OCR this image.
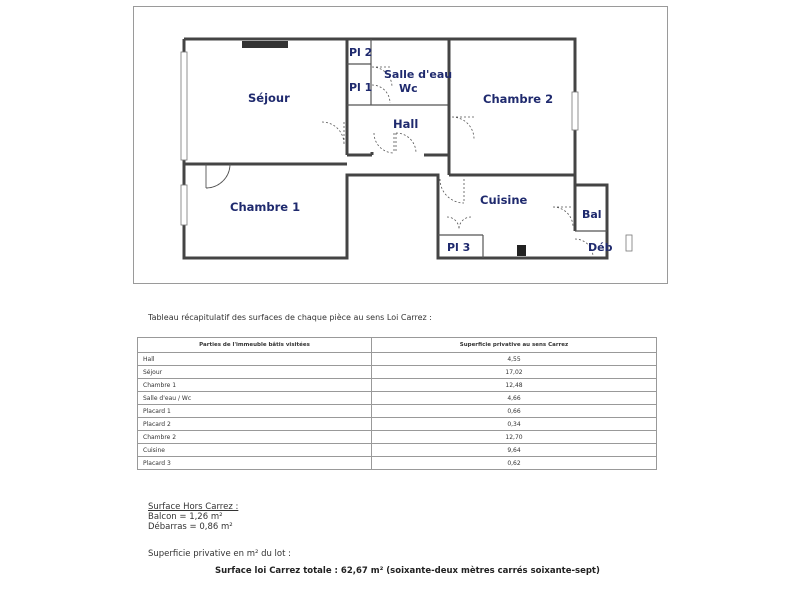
Séjour
Chambre 1
Chambre 2
Pl 2
Pl 1
Salle d'eau
Wc
Hall
Cuisine
Pl 3
Bal
Déb
Tableau récapitulatif des surfaces de chaque pièce au sens Loi Carrez :
Parties de l'immeuble bâtis visitées	Superficie privative au sens Carrez
Hall	4,55
Séjour	17,02
Chambre 1	12,48
Salle d'eau / Wc	4,66
Placard 1	0,66
Placard 2	0,34
Chambre 2	12,70
Cuisine	9,64
Placard 3	0,62
Surface Hors Carrez :
Balcon = 1,26 m²
Débarras = 0,86 m²
Superficie privative en m² du lot :
Surface loi Carrez totale : 62,67 m² (soixante-deux mètres carrés soixante-sept)
